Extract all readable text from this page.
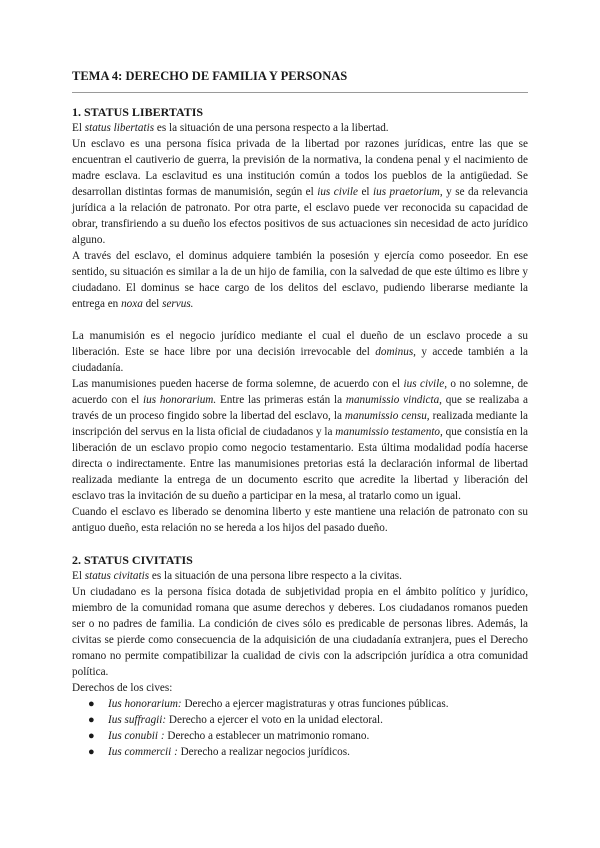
TEMA 4: DERECHO DE FAMILIA Y PERSONAS
1. STATUS LIBERTATIS

El status libertatis es la situación de una persona respecto a la libertad.

Un esclavo es una persona física privada de la libertad por razones jurídicas, entre las que se encuentran el cautiverio de guerra, la previsión de la normativa, la condena penal y el nacimiento de madre esclava. La esclavitud es una institución común a todos los pueblos de la antigüedad. Se desarrollan distintas formas de manumisión, según el ius civile el ius praetorium, y se da relevancia jurídica a la relación de patronato. Por otra parte, el esclavo puede ver reconocida su capacidad de obrar, transfiriendo a su dueño los efectos positivos de sus actuaciones sin necesidad de acto jurídico alguno.

A través del esclavo, el dominus adquiere también la posesión y ejercía como poseedor. En ese sentido, su situación es similar a la de un hijo de familia, con la salvedad de que este último es libre y ciudadano. El dominus se hace cargo de los delitos del esclavo, pudiendo liberarse mediante la entrega en noxa del servus.

La manumisión es el negocio jurídico mediante el cual el dueño de un esclavo procede a su liberación. Este se hace libre por una decisión irrevocable del dominus, y accede también a la ciudadanía.

Las manumisiones pueden hacerse de forma solemne, de acuerdo con el ius civile, o no solemne, de acuerdo con el ius honorarium. Entre las primeras están la manumissio vindicta, que se realizaba a través de un proceso fingido sobre la libertad del esclavo, la manumissio censu, realizada mediante la inscripción del servus en la lista oficial de ciudadanos y la manumissio testamento, que consistía en la liberación de un esclavo propio como negocio testamentario. Esta última modalidad podía hacerse directa o indirectamente. Entre las manumisiones pretorias está la declaración informal de libertad realizada mediante la entrega de un documento escrito que acredite la libertad y liberación del esclavo tras la invitación de su dueño a participar en la mesa, al tratarlo como un igual.

Cuando el esclavo es liberado se denomina liberto y este mantiene una relación de patronato con su antiguo dueño, esta relación no se hereda a los hijos del pasado dueño.

2. STATUS CIVITATIS

El status civitatis es la situación de una persona libre respecto a la civitas.

Un ciudadano es la persona física dotada de subjetividad propia en el ámbito político y jurídico, miembro de la comunidad romana que asume derechos y deberes. Los ciudadanos romanos pueden ser o no padres de familia. La condición de cives sólo es predicable de personas libres. Además, la civitas se pierde como consecuencia de la adquisición de una ciudadanía extranjera, pues el Derecho romano no permite compatibilizar la cualidad de civis con la adscripción jurídica a otra comunidad política.

Derechos de los cives:

● Ius honorarium: Derecho a ejercer magistraturas y otras funciones públicas.
● Ius suffragii: Derecho a ejercer el voto en la unidad electoral.
● Ius conubii : Derecho a establecer un matrimonio romano.
● Ius commercii : Derecho a realizar negocios jurídicos.
